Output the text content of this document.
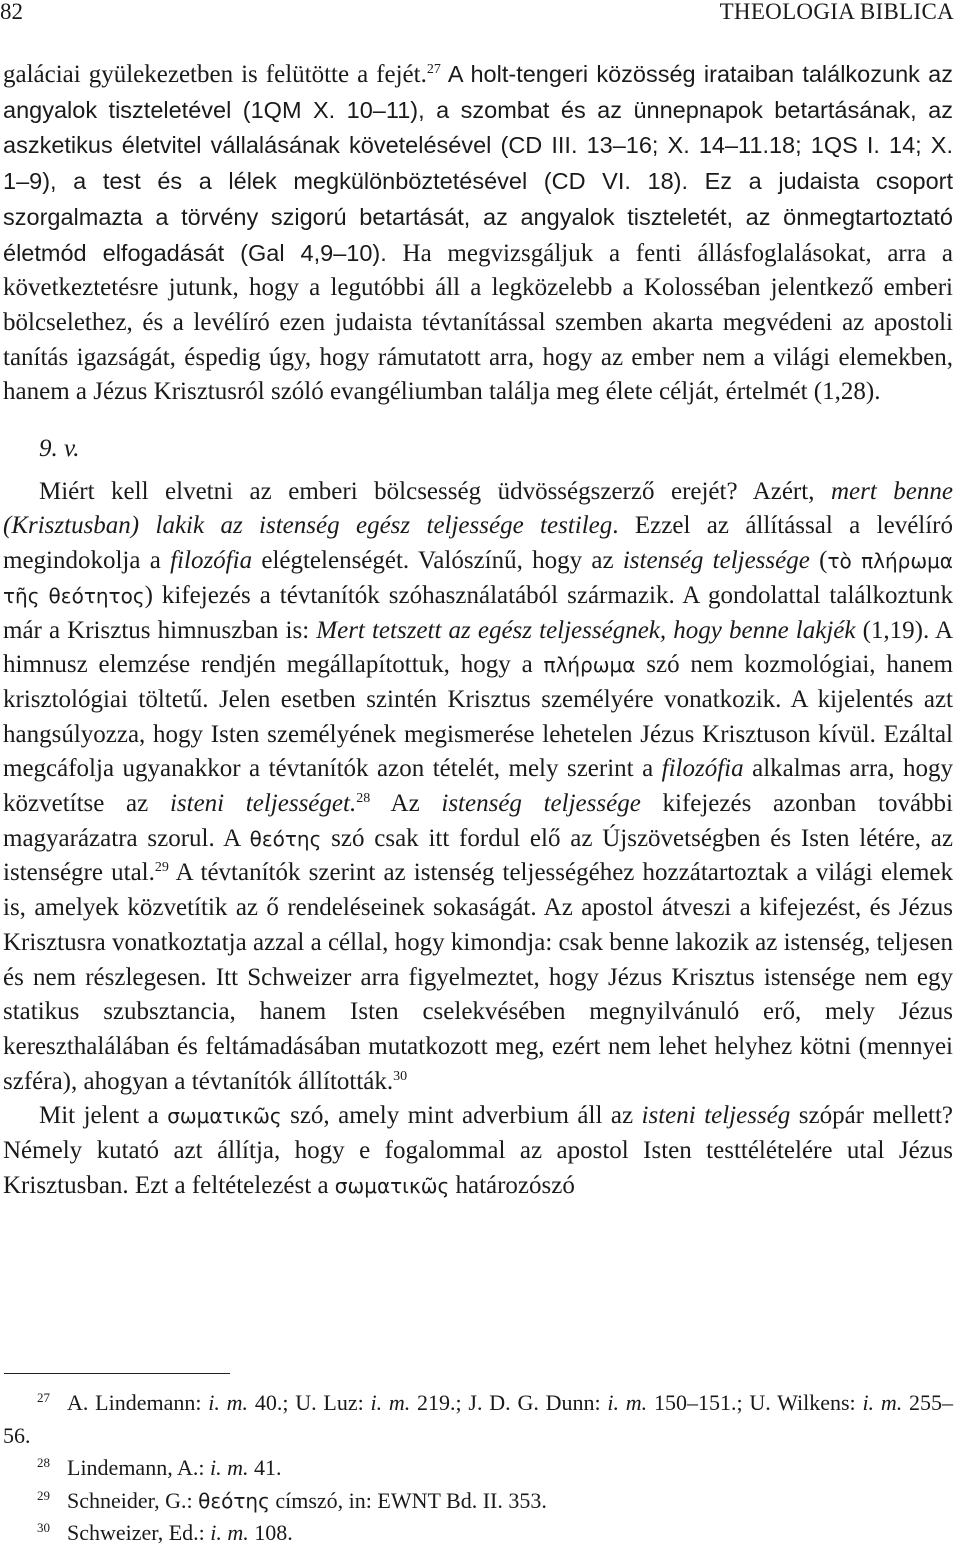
82	THEOLOGIA BIBLICA

galáciai gyülekezetben is felütötte a fejét.$^{27}$ A holt-tengeri közösség irataiban találkozunk az angyalok tiszteletével (1QM X. 10–11), a szombat és az ünnepnapok betartásának, az aszketikus életvitel vállalásának követelésével (CD III. 13–16; X. 14–11.18; 1QS I. 14; X. 1–9), a test és a lélek megkülönböztetésével (CD VI. 18). Ez a judaista csoport szorgalmazta a törvény szigorú betartását, az angyalok tiszteletét, az önmegtartoztató életmód elfogadását (Gal 4,9–10). Ha megvizsgáljuk a fenti állásfoglalásokat, arra a következtetésre jutunk, hogy a legutóbbi áll a legközelebb a Kolosséban jelentkező emberi bölcselethez, és a levélíró ezen judaista tévtanítással szemben akarta megvédeni az apostoli tanítás igazságát, éspedig úgy, hogy rámutatott arra, hogy az ember nem a világi elemekben, hanem a Jézus Krisztusról szóló evangéliumban találja meg élete célját, értelmét (1,28).

9. v.

Miért kell elvetni az emberi bölcsesség üdvösségszerző erejét? Azért, mert benne (Krisztusban) lakik az istenség egész teljessége testileg. Ezzel az állítással a levélíró megindokolja a filozófia elégtelenségét. Valószínű, hogy az istenség teljessége (τὸ πλήρωμα τῆς θεότητος) kifejezés a tévtanítók szóhasználatából származik. A gondolattal találkoztunk már a Krisztus himnuszban is: Mert tetszett az egész teljességnek, hogy benne lakjék (1,19). A himnusz elemzése rendjén megállapítottuk, hogy a πλήρωμα szó nem kozmológiai, hanem krisztológiai töltetű. Jelen esetben szintén Krisztus személyére vonatkozik. A kijelentés azt hangsúlyozza, hogy Isten személyének megismerése lehetelen Jézus Krisztuson kívül. Ezáltal megcáfolja ugyanakkor a tévtanítók azon tételét, mely szerint a filozófia alkalmas arra, hogy közvetítse az isteni teljességet.$^{28}$ Az istenség teljessége kifejezés azonban további magyarázatra szorul. A θεότης szó csak itt fordul elő az Újszövetségben és Isten létére, az istenségre utal.$^{29}$ A tévtanítók szerint az istenség teljességéhez hozzátartoztak a világi elemek is, amelyek közvetítik az ő rendeléseinek sokaságát. Az apostol átveszi a kifejezést, és Jézus Krisztusra vonatkoztatja azzal a céllal, hogy kimondja: csak benne lakozik az istenség, teljesen és nem részlegesen. Itt Schweizer arra figyelmeztet, hogy Jézus Krisztus istensége nem egy statikus szubsztancia, hanem Isten cselekvésében megnyilvánuló erő, mely Jézus kereszthalálában és feltámadásában mutatkozott meg, ezért nem lehet helyhez kötni (mennyei szféra), ahogyan a tévtanítók állították.$^{30}$

Mit jelent a σωματικῶς szó, amely mint adverbium áll az isteni teljesség szópár mellett? Némely kutató azt állítja, hogy e fogalommal az apostol Isten testtélételére utal Jézus Krisztusban. Ezt a feltételezést a σωματικῶς határozószó

27 A. Lindemann: i. m. 40.; U. Luz: i. m. 219.; J. D. G. Dunn: i. m. 150–151.; U. Wilkens: i. m. 255–56.

28 Lindemann, A.: i. m. 41.

29 Schneider, G.: θεότης címszó, in: EWNT Bd. II. 353.

30 Schweizer, Ed.: i. m. 108.
